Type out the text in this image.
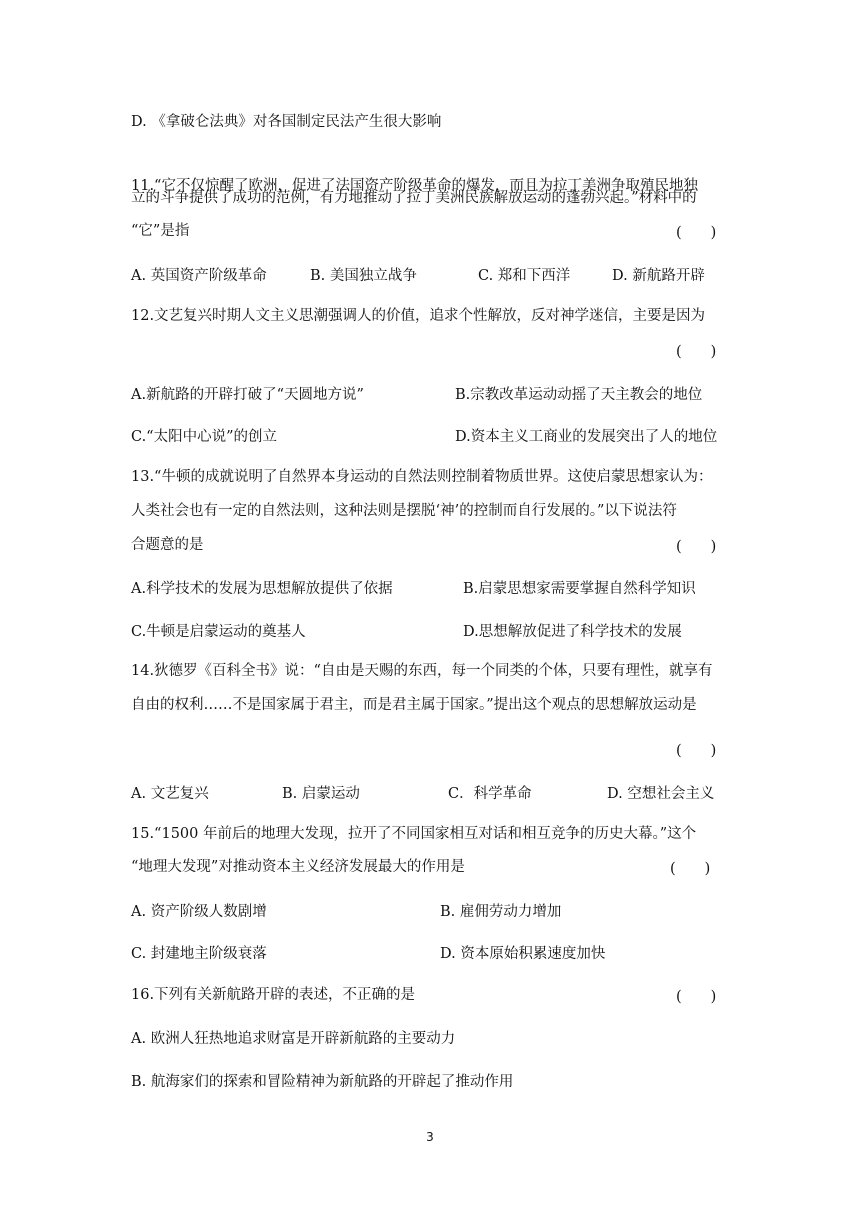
D. 《拿破仑法典》对各国制定民法产生很大影响
11.“它不仅惊醒了欧洲，促进了法国资产阶级革命的爆发，而且为拉丁美洲争取殖民地独
立的斗争提供了成功的范例，有力地推动了拉丁美洲民族解放运动的蓬勃兴起。”材料中的
“它”是指	(　　)
A. 英国资产阶级革命	B. 美国独立战争	C. 郑和下西洋	D. 新航路开辟
12.文艺复兴时期人文主义思潮强调人的价值，追求个性解放，反对神学迷信，主要是因为
(　　)
A.新航路的开辟打破了“天圆地方说”	B.宗教改革运动动摇了天主教会的地位
C.“太阳中心说”的创立	D.资本主义工商业的发展突出了人的地位
13.“牛顿的成就说明了自然界本身运动的自然法则控制着物质世界。这使启蒙思想家认为：
人类社会也有一定的自然法则，这种法则是摆脱‘神’的控制而自行发展的。”以下说法符
合题意的是	(　　)
A.科学技术的发展为思想解放提供了依据	B.启蒙思想家需要掌握自然科学知识
C.牛顿是启蒙运动的奠基人	D.思想解放促进了科学技术的发展
14.狄德罗《百科全书》说：“自由是天赐的东西，每一个同类的个体，只要有理性，就享有
自由的权利……不是国家属于君主，而是君主属于国家。”提出这个观点的思想解放运动是
(　　)
A. 文艺复兴	B. 启蒙运动	C．科学革命	D. 空想社会主义
15.“1500 年前后的地理大发现，拉开了不同国家相互对话和相互竞争的历史大幕。”这个
“地理大发现”对推动资本主义经济发展最大的作用是	(　　)
A. 资产阶级人数剧增	B. 雇佣劳动力增加
C. 封建地主阶级衰落	D. 资本原始积累速度加快
16.下列有关新航路开辟的表述，不正确的是	(　　)
A. 欧洲人狂热地追求财富是开辟新航路的主要动力
B. 航海家们的探索和冒险精神为新航路的开辟起了推动作用
3
